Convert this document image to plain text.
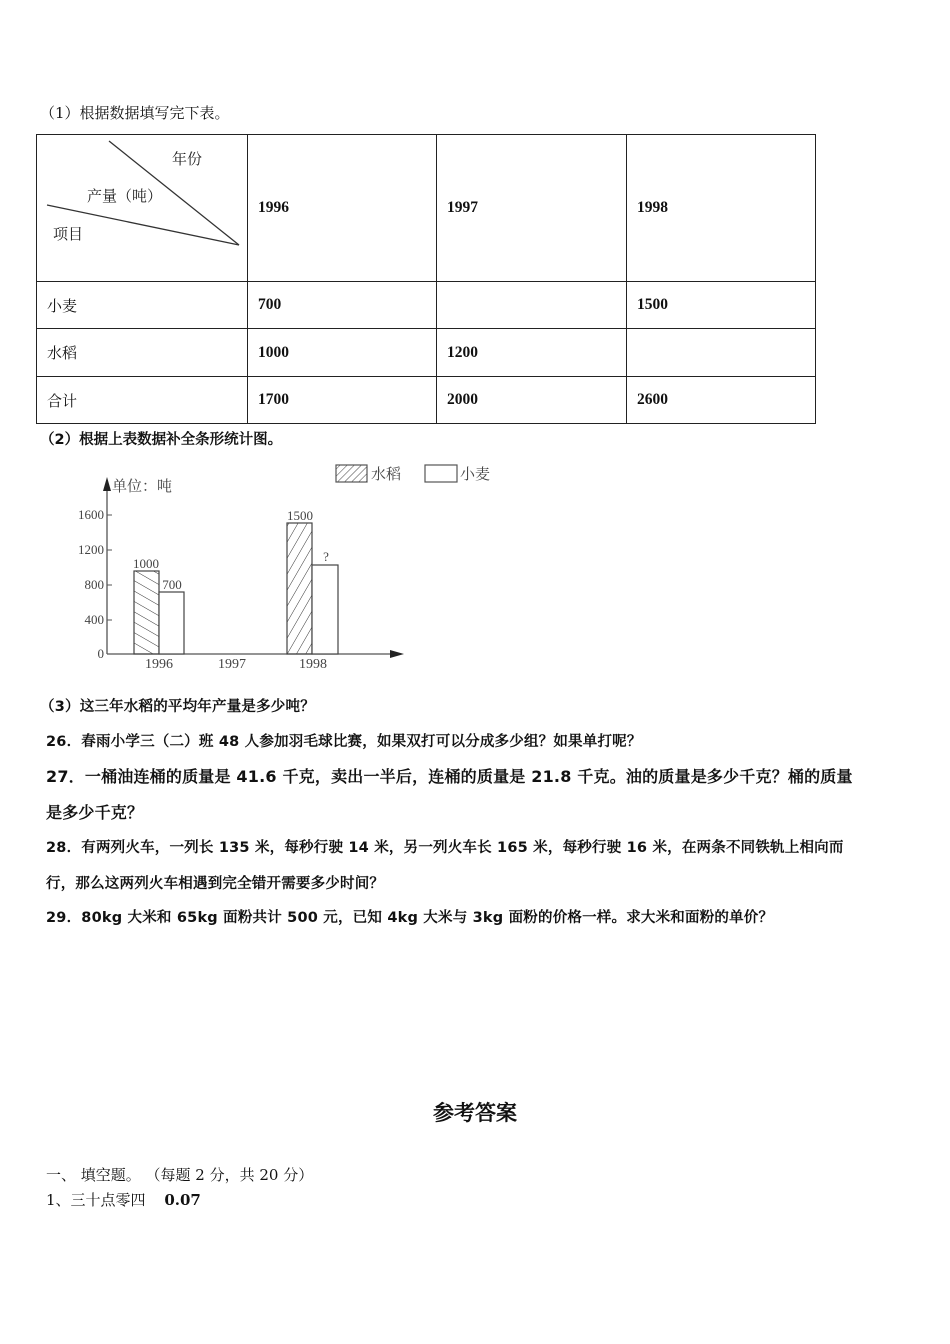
（1）根据数据填写完下表。
年份
产量（吨）
项目	1996	1997	1998
小麦	700		1500
水稻	1000	1200	
合计	1700	2000	2600
（2）根据上表数据补全条形统计图。
水稻	小麦
单位：吨
1600
1200
800
400
0
1000
700
1500
?
1996	1997	1998
（3）这三年水稻的平均年产量是多少吨？
26．春雨小学三（二）班 48 人参加羽毛球比赛，如果双打可以分成多少组？如果单打呢？
27．一桶油连桶的质量是 41.6 千克，卖出一半后，连桶的质量是 21.8 千克。油的质量是多少千克？桶的质量
是多少千克？
28．有两列火车，一列长 135 米，每秒行驶 14 米，另一列火车长 165 米，每秒行驶 16 米，在两条不同铁轨上相向而
行，那么这两列火车相遇到完全错开需要多少时间？
29．80kg 大米和 65kg 面粉共计 500 元，已知 4kg 大米与 3kg 面粉的价格一样。求大米和面粉的单价？
参考答案
一、 填空题。 （每题 2 分，共 20 分）
1、三十点零四 0.07
